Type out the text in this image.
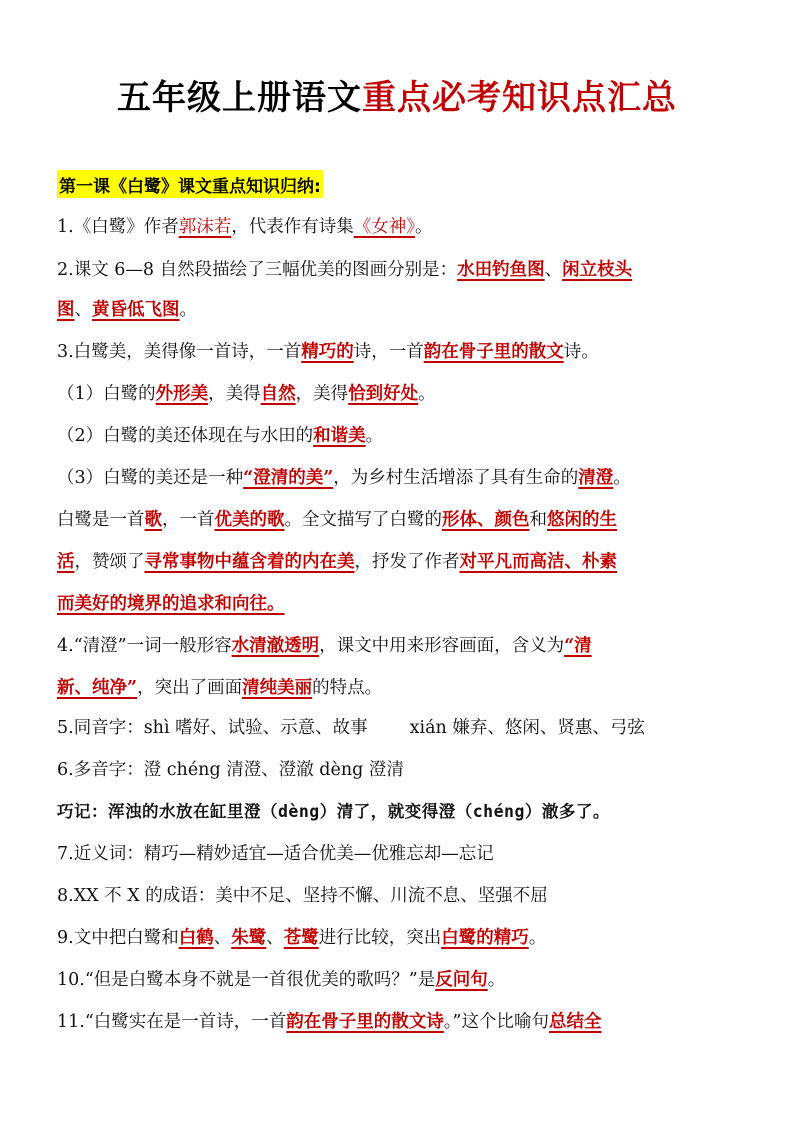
五年级上册语文重点必考知识点汇总
第一课《白鹭》课文重点知识归纳:
1.《白鹭》作者郭沫若，代表作有诗集《女神》。
2.课文 6—8 自然段描绘了三幅优美的图画分别是：水田钓鱼图、闲立枝头
图、黄昏低飞图。
3.白鹭美，美得像一首诗，一首精巧的诗，一首韵在骨子里的散文诗。
（1）白鹭的外形美，美得自然，美得恰到好处。
（2）白鹭的美还体现在与水田的和谐美。
（3）白鹭的美还是一种“澄清的美”，为乡村生活增添了具有生命的清澄。
白鹭是一首歌，一首优美的歌。全文描写了白鹭的形体、颜色和悠闲的生
活，赞颂了寻常事物中蕴含着的内在美，抒发了作者对平凡而高洁、朴素
而美好的境界的追求和向往。
4.“清澄”一词一般形容水清澈透明，课文中用来形容画面，含义为“清
新、纯净”，突出了画面清纯美丽的特点。
5.同音字：shì 嗜好、试验、示意、故事 xián 嫌弃、悠闲、贤惠、弓弦
6.多音字：澄 chéng 清澄、澄澈 dèng 澄清
巧记：浑浊的水放在缸里澄（dèng）清了，就变得澄（chéng）澈多了。
7.近义词：精巧—精妙适宜—适合优美—优雅忘却—忘记
8.XX 不 X 的成语：美中不足、坚持不懈、川流不息、坚强不屈
9.文中把白鹭和白鹤、朱鹭、苍鹭进行比较，突出白鹭的精巧。
10.“但是白鹭本身不就是一首很优美的歌吗？”是反问句。
11.“白鹭实在是一首诗，一首韵在骨子里的散文诗。”这个比喻句总结全
